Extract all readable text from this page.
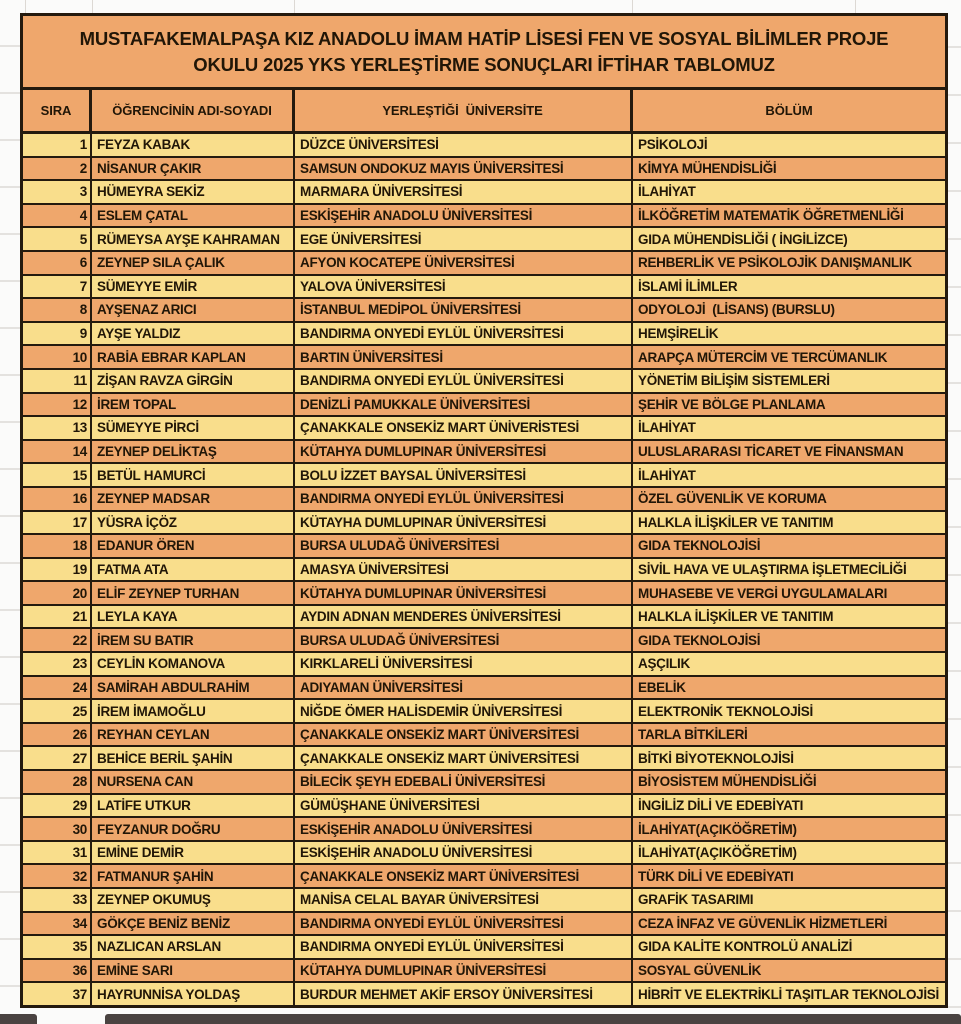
MUSTAFAKEMALPAŞA KIZ ANADOLU İMAM HATİP LİSESİ FEN VE SOSYAL BİLİMLER PROJE
OKULU 2025 YKS YERLEŞTİRME SONUÇLARI İFTİHAR TABLOMUZ
SIRA	ÖĞRENCİNİN ADI-SOYADI	YERLEŞTİĞİ  ÜNİVERSİTE	BÖLÜM
1 FEYZA KABAK	DÜZCE ÜNİVERSİTESİ	PSİKOLOJİ
2 NİSANUR ÇAKIR	SAMSUN ONDOKUZ MAYIS ÜNİVERSİTESİ	KİMYA MÜHENDİSLİĞİ
3 HÜMEYRA SEKİZ	MARMARA ÜNİVERSİTESİ	İLAHİYAT
4 ESLEM ÇATAL	ESKİŞEHİR ANADOLU ÜNİVERSİTESİ	İLKÖĞRETİM MATEMATİK ÖĞRETMENLİĞİ
5 RÜMEYSA AYŞE KAHRAMAN	EGE ÜNİVERSİTESİ	GIDA MÜHENDİSLİĞİ ( İNGİLİZCE)
6 ZEYNEP SILA ÇALIK	AFYON KOCATEPE ÜNİVERSİTESİ	REHBERLİK VE PSİKOLOJİK DANIŞMANLIK
7 SÜMEYYE EMİR	YALOVA ÜNİVERSİTESİ	İSLAMİ İLİMLER
8 AYŞENAZ ARICI	İSTANBUL MEDİPOL ÜNİVERSİTESİ	ODYOLOJİ  (LİSANS) (BURSLU)
9 AYŞE YALDIZ	BANDIRMA ONYEDİ EYLÜL ÜNİVERSİTESİ	HEMŞİRELİK
10 RABİA EBRAR KAPLAN	BARTIN ÜNİVERSİTESİ	ARAPÇA MÜTERCİM VE TERCÜMANLIK
11 ZİŞAN RAVZA GİRGİN	BANDIRMA ONYEDİ EYLÜL ÜNİVERSİTESİ	YÖNETİM BİLİŞİM SİSTEMLERİ
12 İREM TOPAL	DENİZLİ PAMUKKALE ÜNİVERSİTESİ	ŞEHİR VE BÖLGE PLANLAMA
13 SÜMEYYE PİRCİ	ÇANAKKALE ONSEKİZ MART ÜNİVERİSTESİ	İLAHİYAT
14 ZEYNEP DELİKTAŞ	KÜTAHYA DUMLUPINAR ÜNİVERSİTESİ	ULUSLARARASI TİCARET VE FİNANSMAN
15 BETÜL HAMURCİ	BOLU İZZET BAYSAL ÜNİVERSİTESİ	İLAHİYAT
16 ZEYNEP MADSAR	BANDIRMA ONYEDİ EYLÜL ÜNİVERSİTESİ	ÖZEL GÜVENLİK VE KORUMA
17 YÜSRA İÇÖZ	KÜTAYHA DUMLUPINAR ÜNİVERSİTESİ	HALKLA İLİŞKİLER VE TANITIM
18 EDANUR ÖREN	BURSA ULUDAĞ ÜNİVERSİTESİ	GIDA TEKNOLOJİSİ
19 FATMA ATA	AMASYA ÜNİVERSİTESİ	SİVİL HAVA VE ULAŞTIRMA İŞLETMECİLİĞİ
20 ELİF ZEYNEP TURHAN	KÜTAHYA DUMLUPINAR ÜNİVERSİTESİ	MUHASEBE VE VERGİ UYGULAMALARI
21 LEYLA KAYA	AYDIN ADNAN MENDERES ÜNİVERSİTESİ	HALKLA İLİŞKİLER VE TANITIM
22 İREM SU BATIR	BURSA ULUDAĞ ÜNİVERSİTESİ	GIDA TEKNOLOJİSİ
23 CEYLİN KOMANOVA	KIRKLARELİ ÜNİVERSİTESİ	AŞÇILIK
24 SAMİRAH ABDULRAHİM	ADIYAMAN ÜNİVERSİTESİ	EBELİK
25 İREM İMAMOĞLU	NİĞDE ÖMER HALİSDEMİR ÜNİVERSİTESİ	ELEKTRONİK TEKNOLOJİSİ
26 REYHAN CEYLAN	ÇANAKKALE ONSEKİZ MART ÜNİVERSİTESİ	TARLA BİTKİLERİ
27 BEHİCE BERİL ŞAHİN	ÇANAKKALE ONSEKİZ MART ÜNİVERSİTESİ	BİTKİ BİYOTEKNOLOJİSİ
28 NURSENA CAN	BİLECİK ŞEYH EDEBALİ ÜNİVERSİTESİ	BİYOSİSTEM MÜHENDİSLİĞİ
29 LATİFE UTKUR	GÜMÜŞHANE ÜNİVERSİTESİ	İNGİLİZ DİLİ VE EDEBİYATI
30 FEYZANUR DOĞRU	ESKİŞEHİR ANADOLU ÜNİVERSİTESİ	İLAHİYAT(AÇIKÖĞRETİM)
31 EMİNE DEMİR	ESKİŞEHİR ANADOLU ÜNİVERSİTESİ	İLAHİYAT(AÇIKÖĞRETİM)
32 FATMANUR ŞAHİN	ÇANAKKALE ONSEKİZ MART ÜNİVERSİTESİ	TÜRK DİLİ VE EDEBİYATI
33 ZEYNEP OKUMUŞ	MANİSA CELAL BAYAR ÜNİVERSİTESİ	GRAFİK TASARIMI
34 GÖKÇE BENİZ BENİZ	BANDIRMA ONYEDİ EYLÜL ÜNİVERSİTESİ	CEZA İNFAZ VE GÜVENLİK HİZMETLERİ
35 NAZLICAN ARSLAN	BANDIRMA ONYEDİ EYLÜL ÜNİVERSİTESİ	GIDA KALİTE KONTROLÜ ANALİZİ
36 EMİNE SARI	KÜTAHYA DUMLUPINAR ÜNİVERSİTESİ	SOSYAL GÜVENLİK
37 HAYRUNNİSA YOLDAŞ	BURDUR MEHMET AKİF ERSOY ÜNİVERSİTESİ	HİBRİT VE ELEKTRİKLİ TAŞITLAR TEKNOLOJİSİ
